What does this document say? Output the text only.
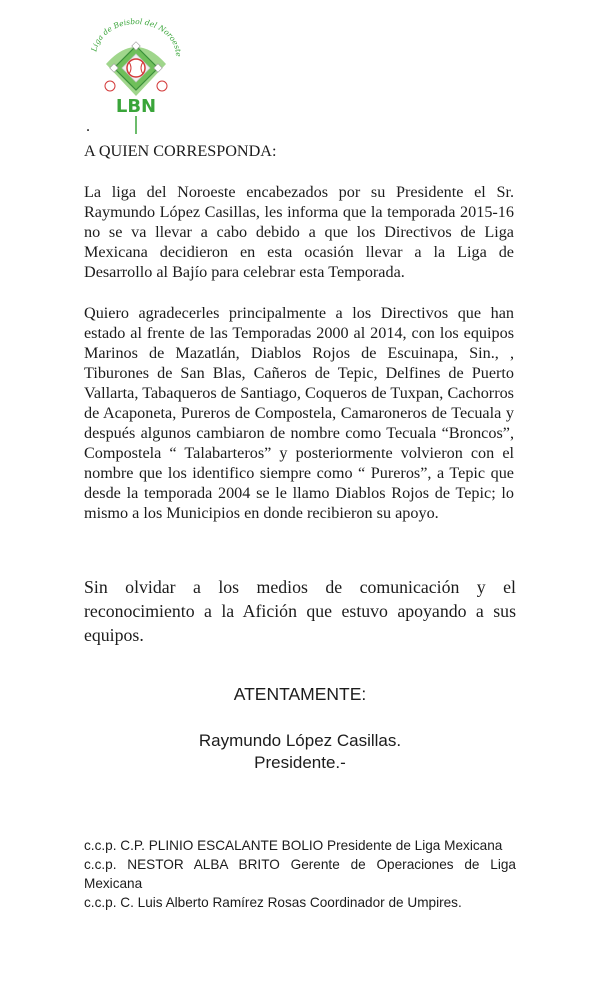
Liga de Beisbol del Noroeste
LBN
.
A QUIEN CORRESPONDA:

La liga del Noroeste encabezados por su Presidente el Sr. Raymundo López Casillas, les informa que la temporada 2015-16 no se va llevar a cabo debido a que los Directivos de Liga Mexicana decidieron en esta ocasión llevar a la Liga de Desarrollo al Bajío para celebrar esta Temporada.

Quiero agradecerles principalmente a los Directivos que han estado al frente de las Temporadas 2000 al 2014, con los equipos Marinos de Mazatlán, Diablos Rojos de Escuinapa, Sin., , Tiburones de San Blas, Cañeros de Tepic, Delfines de Puerto Vallarta, Tabaqueros de Santiago, Coqueros de Tuxpan, Cachorros de Acaponeta, Pureros de Compostela, Camaroneros de Tecuala y después algunos cambiaron de nombre como Tecuala “Broncos”, Compostela “ Talabarteros” y posteriormente volvieron con el nombre que los identifico siempre como “ Pureros”, a Tepic que desde la temporada 2004 se le llamo Diablos Rojos de Tepic; lo mismo a los Municipios en donde recibieron su apoyo.

Sin olvidar a los medios de comunicación y el reconocimiento a la Afición que estuvo apoyando a sus equipos.

ATENTAMENTE:
Raymundo López Casillas.
Presidente.-
c.c.p. C.P. PLINIO ESCALANTE BOLIO Presidente de Liga Mexicana
c.c.p. NESTOR ALBA BRITO Gerente de Operaciones de Liga Mexicana
c.c.p. C. Luis Alberto Ramírez Rosas Coordinador de Umpires.
